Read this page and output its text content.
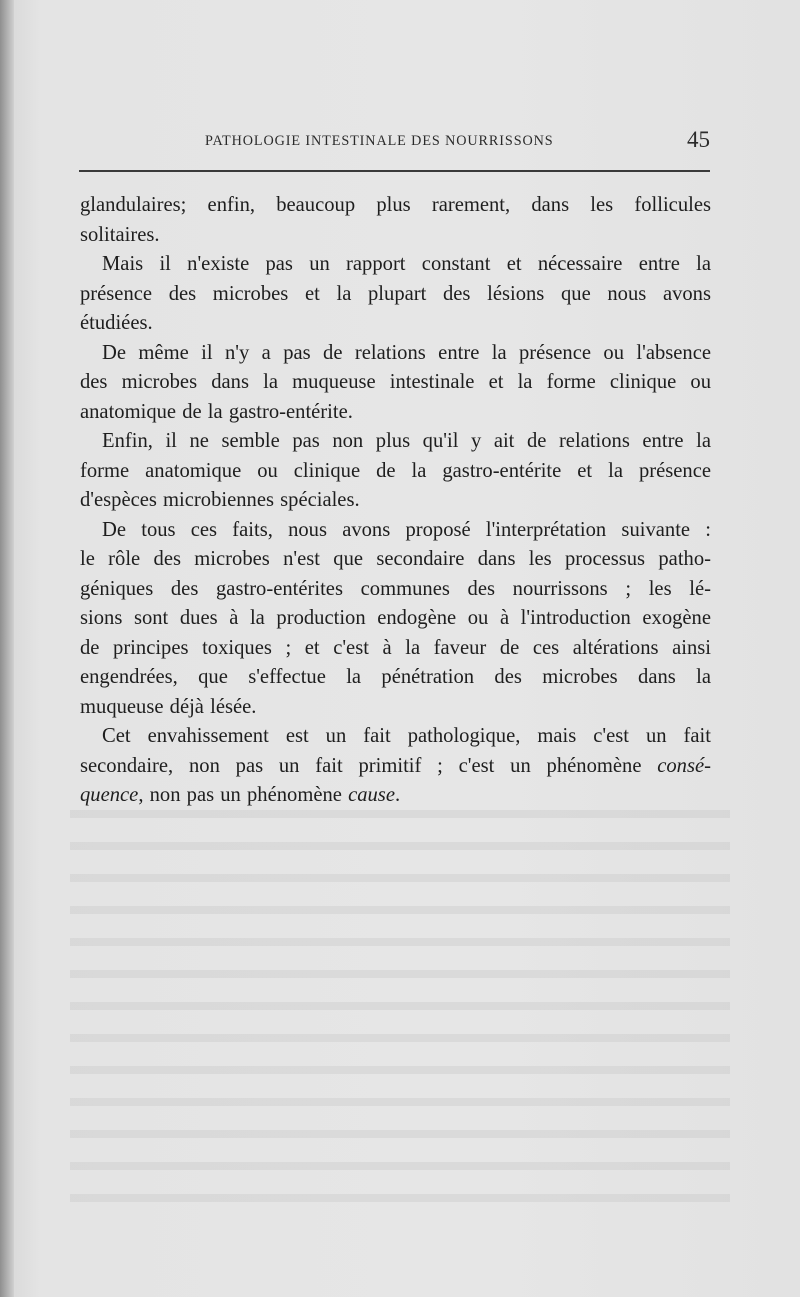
PATHOLOGIE INTESTINALE DES NOURRISSONS	45

glandulaires; enfin, beaucoup plus rarement, dans les follicules

solitaires.

Mais il n'existe pas un rapport constant et nécessaire entre la

présence des microbes et la plupart des lésions que nous avons

étudiées.

De même il n'y a pas de relations entre la présence ou l'absence

des microbes dans la muqueuse intestinale et la forme clinique ou

anatomique de la gastro-entérite.

Enfin, il ne semble pas non plus qu'il y ait de relations entre la

forme anatomique ou clinique de la gastro-entérite et la présence

d'espèces microbiennes spéciales.

De tous ces faits, nous avons proposé l'interprétation suivante :

le rôle des microbes n'est que secondaire dans les processus patho-

géniques des gastro-entérites communes des nourrissons ; les lé-

sions sont dues à la production endogène ou à l'introduction exogène

de principes toxiques ; et c'est à la faveur de ces altérations ainsi

engendrées, que s'effectue la pénétration des microbes dans la

muqueuse déjà lésée.

Cet envahissement est un fait pathologique, mais c'est un fait

secondaire, non pas un fait primitif ; c'est un phénomène consé-

quence, non pas un phénomène cause.
